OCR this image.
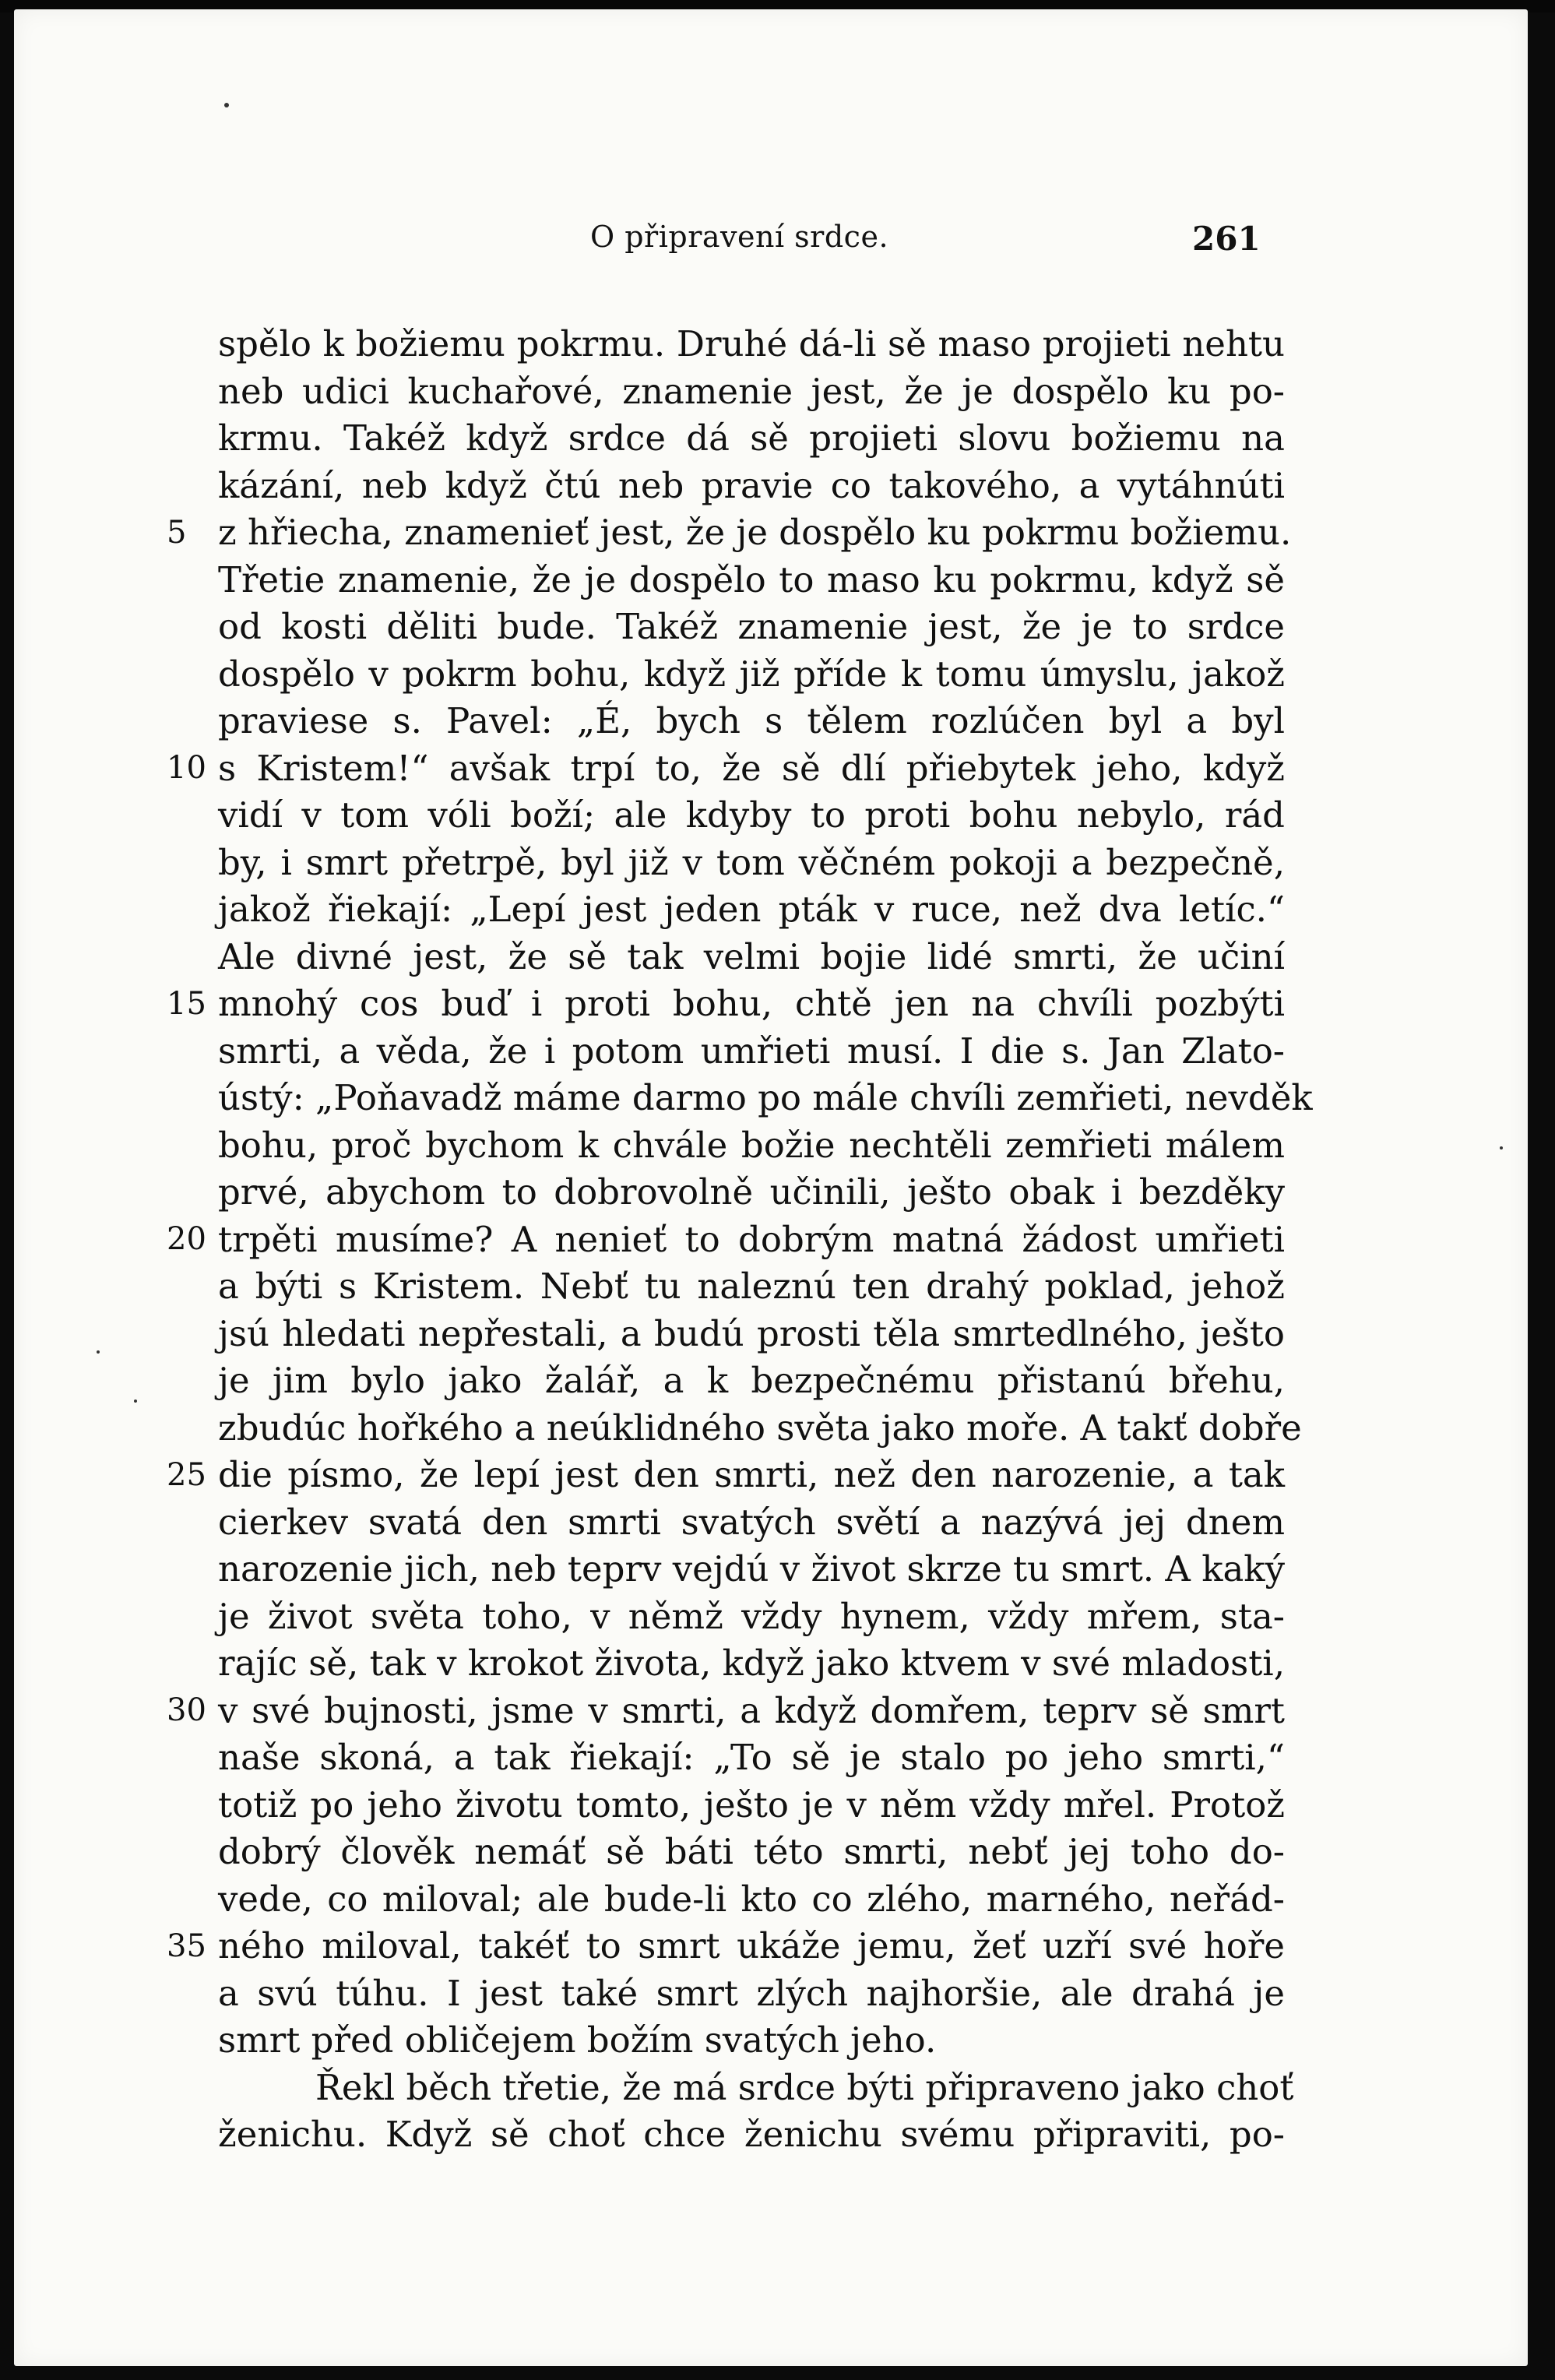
O připravení srdce.	261
5
10
15
20
25
30
35
spělo k božiemu pokrmu. Druhé dá-li sě maso projieti nehtu
neb udici kuchařové, znamenie jest, že je dospělo ku po-
krmu. Takéž když srdce dá sě projieti slovu božiemu na
kázání, neb když čtú neb pravie co takového, a vytáhnúti
z hřiecha, znamenieť jest, že je dospělo ku pokrmu božiemu.
Třetie znamenie, že je dospělo to maso ku pokrmu, když sě
od kosti děliti bude. Takéž znamenie jest, že je to srdce
dospělo v pokrm bohu, když již příde k tomu úmyslu, jakož
praviese s. Pavel: „É, bych s tělem rozlúčen byl a byl
s Kristem!“ avšak trpí to, že sě dlí přiebytek jeho, když
vidí v tom vóli boží; ale kdyby to proti bohu nebylo, rád
by, i smrt přetrpě, byl již v tom věčném pokoji a bezpečně,
jakož řiekají: „Lepí jest jeden pták v ruce, než dva letíc.“
Ale divné jest, že sě tak velmi bojie lidé smrti, že učiní
mnohý cos buď i proti bohu, chtě jen na chvíli pozbýti
smrti, a věda, že i potom umřieti musí. I die s. Jan Zlato-
ústý: „Poňavadž máme darmo po mále chvíli zemřieti, nevděk
bohu, proč bychom k chvále božie nechtěli zemřieti málem
prvé, abychom to dobrovolně učinili, ješto obak i bezděky
trpěti musíme? A nenieť to dobrým matná žádost umřieti
a býti s Kristem. Nebť tu naleznú ten drahý poklad, jehož
jsú hledati nepřestali, a budú prosti těla smrtedlného, ješto
je jim bylo jako žalář, a k bezpečnému přistanú břehu,
zbudúc hořkého a neúklidného světa jako moře. A takť dobře
die písmo, že lepí jest den smrti, než den narozenie, a tak
cierkev svatá den smrti svatých světí a nazývá jej dnem
narozenie jich, neb teprv vejdú v život skrze tu smrt. A kaký
je život světa toho, v němž vždy hynem, vždy mřem, sta-
rajíc sě, tak v krokot života, když jako ktvem v své mladosti,
v své bujnosti, jsme v smrti, a když domřem, teprv sě smrt
naše skoná, a tak řiekají: „To sě je stalo po jeho smrti,“
totiž po jeho životu tomto, ješto je v něm vždy mřel. Protož
dobrý člověk nemáť sě báti této smrti, nebť jej toho do-
vede, co miloval; ale bude-li kto co zlého, marného, neřád-
ného miloval, takéť to smrt ukáže jemu, žeť uzří své hoře
a svú túhu. I jest také smrt zlých najhoršie, ale drahá je
smrt před obličejem božím svatých jeho.
Řekl běch třetie, že má srdce býti připraveno jako choť
ženichu. Když sě choť chce ženichu svému připraviti, po-
